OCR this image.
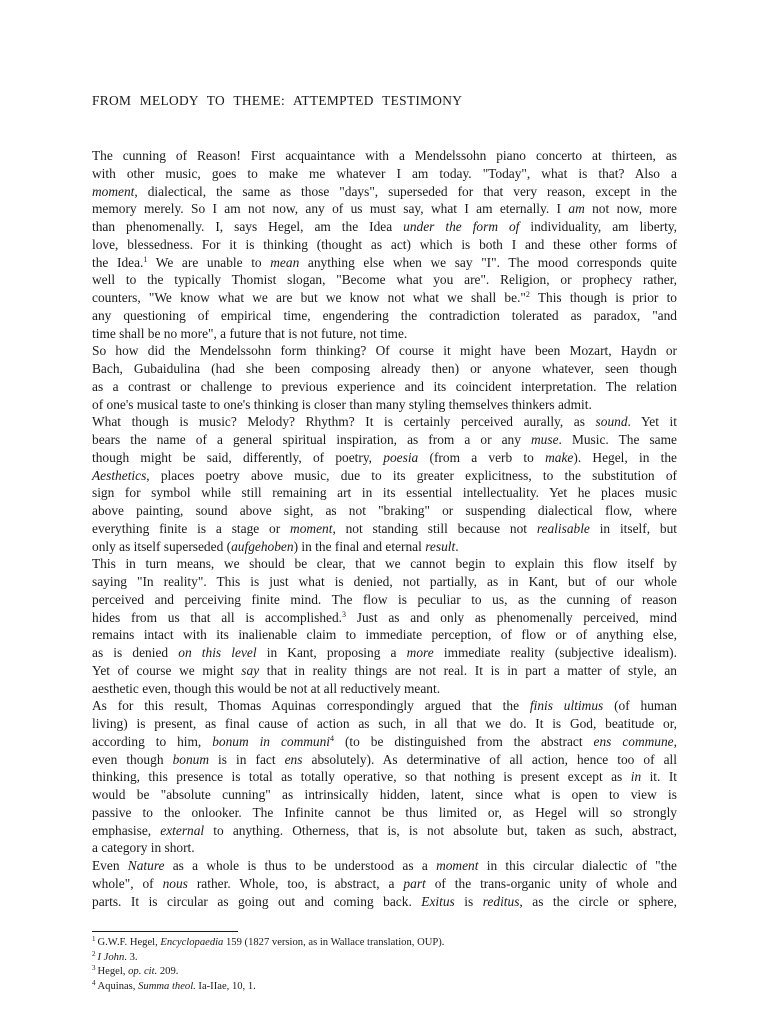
FROM MELODY TO THEME: ATTEMPTED TESTIMONY
The cunning of Reason! First acquaintance with a Mendelssohn piano concerto at thirteen, as
with other music, goes to make me whatever I am today. "Today", what is that? Also a
moment, dialectical, the same as those "days", superseded for that very reason, except in the
memory merely. So I am not now, any of us must say, what I am eternally. I am not now, more
than phenomenally. I, says Hegel, am the Idea under the form of individuality, am liberty,
love, blessedness. For it is thinking (thought as act) which is both I and these other forms of
the Idea.$^1$ We are unable to mean anything else when we say "I". The mood corresponds quite
well to the typically Thomist slogan, "Become what you are". Religion, or prophecy rather,
counters, "We know what we are but we know not what we shall be."$^2$ This though is prior to
any questioning of empirical time, engendering the contradiction tolerated as paradox, "and
time shall be no more", a future that is not future, not time.
So how did the Mendelssohn form thinking? Of course it might have been Mozart, Haydn or
Bach, Gubaidulina (had she been composing already then) or anyone whatever, seen though
as a contrast or challenge to previous experience and its coincident interpretation. The relation
of one's musical taste to one's thinking is closer than many styling themselves thinkers admit.
What though is music? Melody? Rhythm? It is certainly perceived aurally, as sound. Yet it
bears the name of a general spiritual inspiration, as from a or any muse. Music. The same
though might be said, differently, of poetry, poesia (from a verb to make). Hegel, in the
Aesthetics, places poetry above music, due to its greater explicitness, to the substitution of
sign for symbol while still remaining art in its essential intellectuality. Yet he places music
above painting, sound above sight, as not "braking" or suspending dialectical flow, where
everything finite is a stage or moment, not standing still because not realisable in itself, but
only as itself superseded (aufgehoben) in the final and eternal result.
This in turn means, we should be clear, that we cannot begin to explain this flow itself by
saying "In reality". This is just what is denied, not partially, as in Kant, but of our whole
perceived and perceiving finite mind. The flow is peculiar to us, as the cunning of reason
hides from us that all is accomplished.$^3$ Just as and only as phenomenally perceived, mind
remains intact with its inalienable claim to immediate perception, of flow or of anything else,
as is denied on this level in Kant, proposing a more immediate reality (subjective idealism).
Yet of course we might say that in reality things are not real. It is in part a matter of style, an
aesthetic even, though this would be not at all reductively meant.
As for this result, Thomas Aquinas correspondingly argued that the finis ultimus (of human
living) is present, as final cause of action as such, in all that we do. It is God, beatitude or,
according to him, bonum in communi$^4$ (to be distinguished from the abstract ens commune,
even though bonum is in fact ens absolutely). As determinative of all action, hence too of all
thinking, this presence is total as totally operative, so that nothing is present except as in it. It
would be "absolute cunning" as intrinsically hidden, latent, since what is open to view is
passive to the onlooker. The Infinite cannot be thus limited or, as Hegel will so strongly
emphasise, external to anything. Otherness, that is, is not absolute but, taken as such, abstract,
a category in short.
Even Nature as a whole is thus to be understood as a moment in this circular dialectic of "the
whole", of nous rather. Whole, too, is abstract, a part of the trans-organic unity of whole and
parts. It is circular as going out and coming back. Exitus is reditus, as the circle or sphere,
$^1$ G.W.F. Hegel, Encyclopaedia 159 (1827 version, as in Wallace translation, OUP).
$^2$ I John. 3.
$^3$ Hegel, op. cit. 209.
$^4$ Aquinas, Summa theol. Ia-IIae, 10, 1.
